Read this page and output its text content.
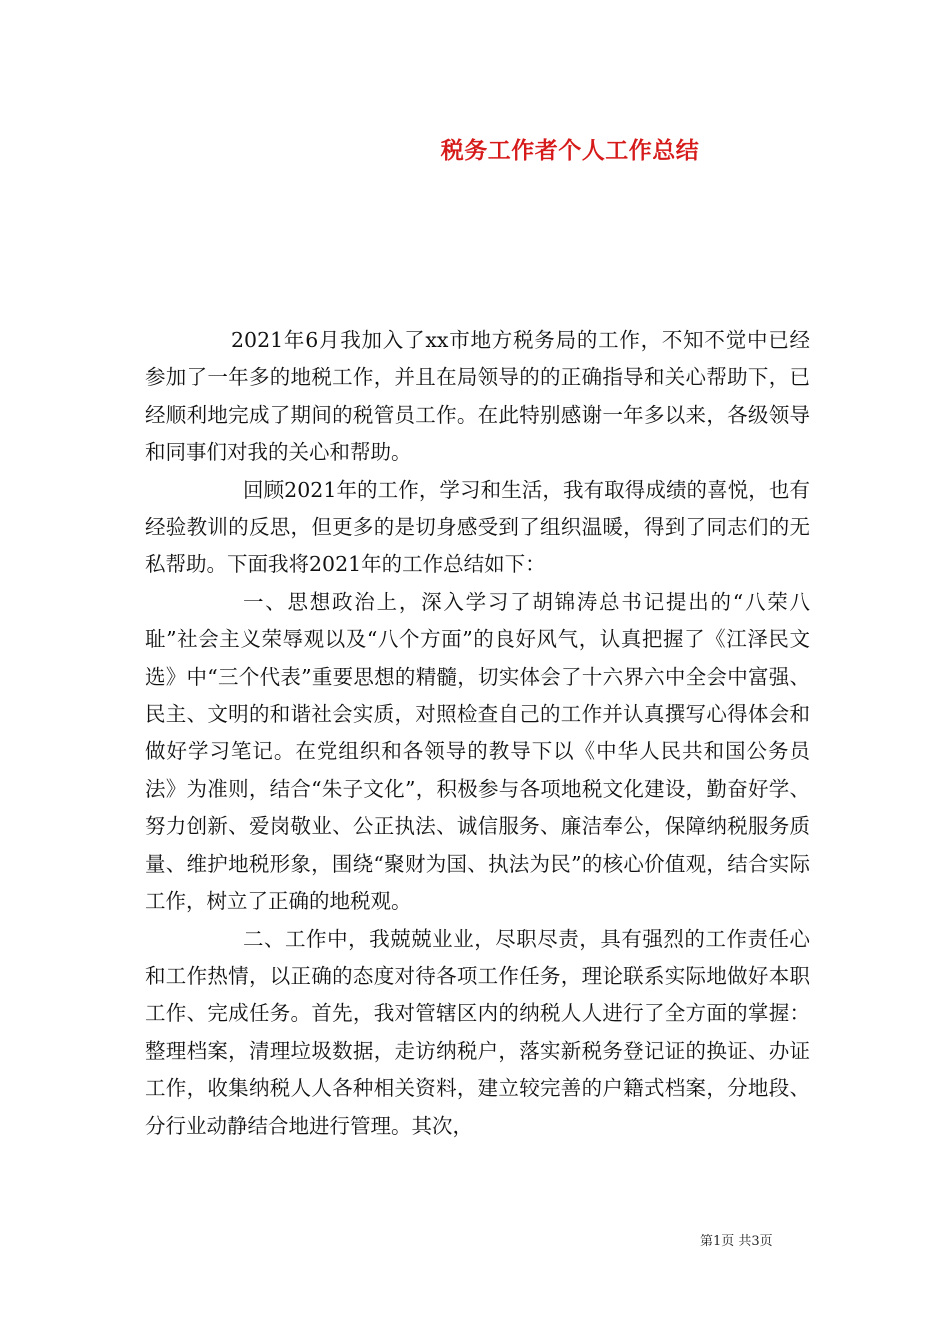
税务工作者个人工作总结

2021年6月我加入了xx市地方税务局的工作，不知不觉中已经参加了一年多的地税工作，并且在局领导的的正确指导和关心帮助下，已经顺利地完成了期间的税管员工作。在此特别感谢一年多以来，各级领导和同事们对我的关心和帮助。

回顾2021年的工作，学习和生活，我有取得成绩的喜悦，也有经验教训的反思，但更多的是切身感受到了组织温暖，得到了同志们的无私帮助。下面我将2021年的工作总结如下：

一、思想政治上，深入学习了胡锦涛总书记提出的“八荣八耻”社会主义荣辱观以及“八个方面”的良好风气，认真把握了《江泽民文选》中“三个代表”重要思想的精髓，切实体会了十六界六中全会中富强、民主、文明的和谐社会实质，对照检查自己的工作并认真撰写心得体会和做好学习笔记。在党组织和各领导的教导下以《中华人民共和国公务员法》为准则，结合“朱子文化”，积极参与各项地税文化建设，勤奋好学、努力创新、爱岗敬业、公正执法、诚信服务、廉洁奉公，保障纳税服务质量、维护地税形象，围绕“聚财为国、执法为民”的核心价值观，结合实际工作，树立了正确的地税观。

二、工作中，我兢兢业业，尽职尽责，具有强烈的工作责任心和工作热情，以正确的态度对待各项工作任务，理论联系实际地做好本职工作、完成任务。首先，我对管辖区内的纳税人人进行了全方面的掌握：整理档案，清理垃圾数据，走访纳税户，落实新税务登记证的换证、办证工作，收集纳税人人各种相关资料，建立较完善的户籍式档案，分地段、分行业动静结合地进行管理。其次，

第1页 共3页
